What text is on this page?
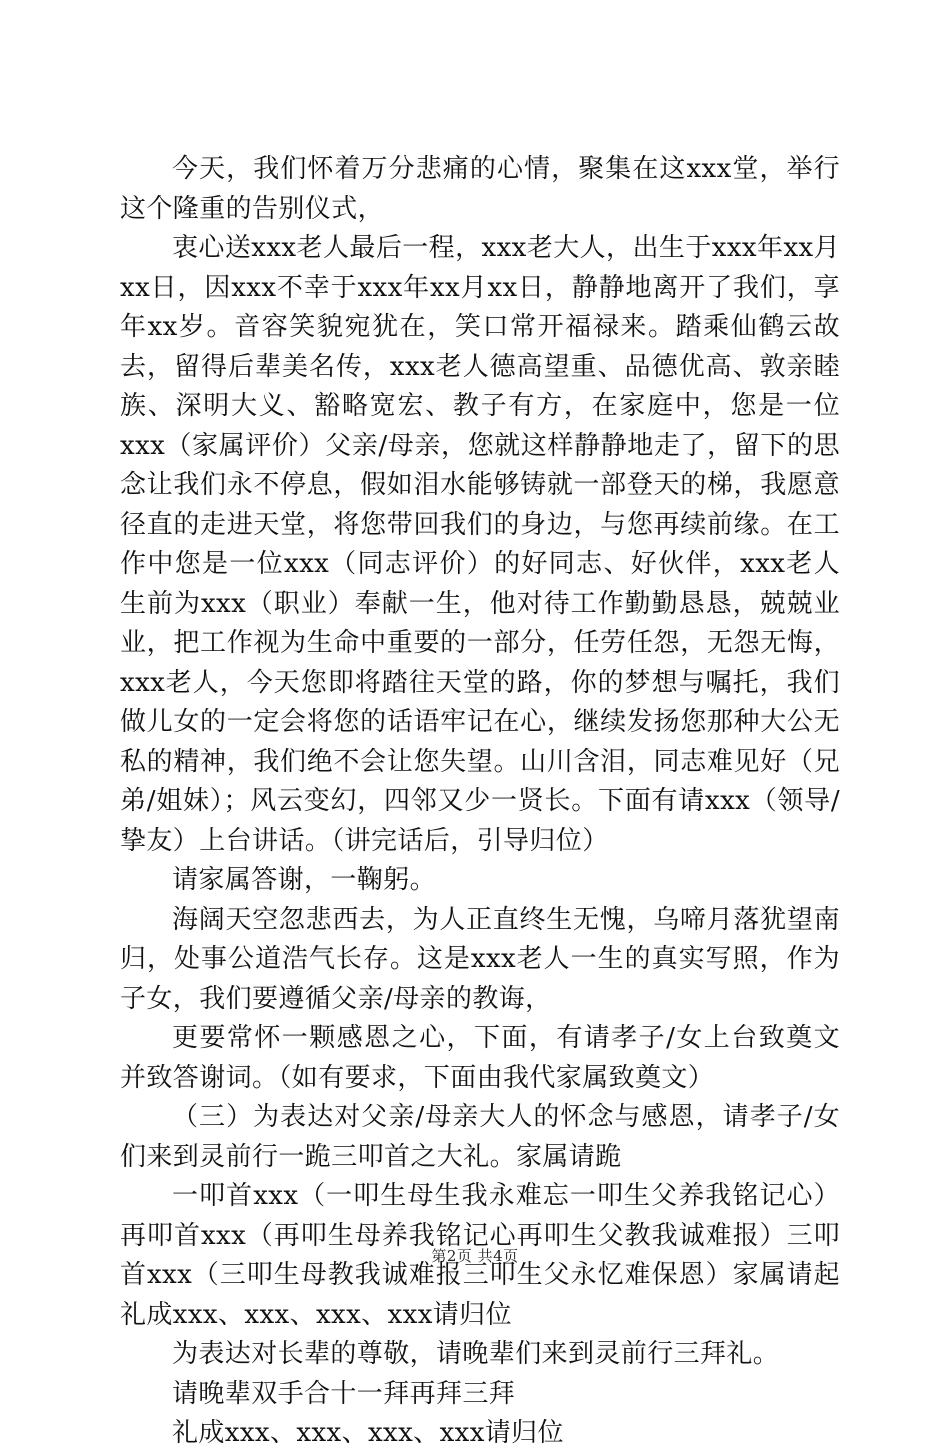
今天，我们怀着万分悲痛的心情，聚集在这xxx堂，举行这个隆重的告别仪式，

衷心送xxx老人最后一程，xxx老大人，出生于xxx年xx月xx日，因xxx不幸于xxx年xx月xx日，静静地离开了我们，享年xx岁。音容笑貌宛犹在，笑口常开福禄来。踏乘仙鹤云故去，留得后辈美名传，xxx老人德高望重、品德优高、敦亲睦族、深明大义、豁略宽宏、教子有方，在家庭中，您是一位xxx（家属评价）父亲/母亲，您就这样静静地走了，留下的思念让我们永不停息，假如泪水能够铸就一部登天的梯，我愿意径直的走进天堂，将您带回我们的身边，与您再续前缘。在工作中您是一位xxx（同志评价）的好同志、好伙伴，xxx老人生前为xxx（职业）奉献一生，他对待工作勤勤恳恳，兢兢业业，把工作视为生命中重要的一部分，任劳任怨，无怨无悔，xxx老人，今天您即将踏往天堂的路，你的梦想与嘱托，我们做儿女的一定会将您的话语牢记在心，继续发扬您那种大公无私的精神，我们绝不会让您失望。山川含泪，同志难见好（兄弟/姐妹）；风云变幻，四邻又少一贤长。下面有请xxx（领导/挚友）上台讲话。（讲完话后，引导归位）

请家属答谢，一鞠躬。

海阔天空忽悲西去，为人正直终生无愧，乌啼月落犹望南归，处事公道浩气长存。这是xxx老人一生的真实写照，作为子女，我们要遵循父亲/母亲的教诲，

更要常怀一颗感恩之心，下面，有请孝子/女上台致奠文并致答谢词。（如有要求，下面由我代家属致奠文）

（三）为表达对父亲/母亲大人的怀念与感恩，请孝子/女们来到灵前行一跪三叩首之大礼。家属请跪

一叩首xxx（一叩生母生我永难忘一叩生父养我铭记心）再叩首xxx（再叩生母养我铭记心再叩生父教我诚难报）三叩首xxx（三叩生母教我诚难报三叩生父永忆难保恩）家属请起礼成xxx、xxx、xxx、xxx请归位

为表达对长辈的尊敬，请晚辈们来到灵前行三拜礼。

请晚辈双手合十一拜再拜三拜

礼成xxx、xxx、xxx、xxx请归位

第2页 共4页
